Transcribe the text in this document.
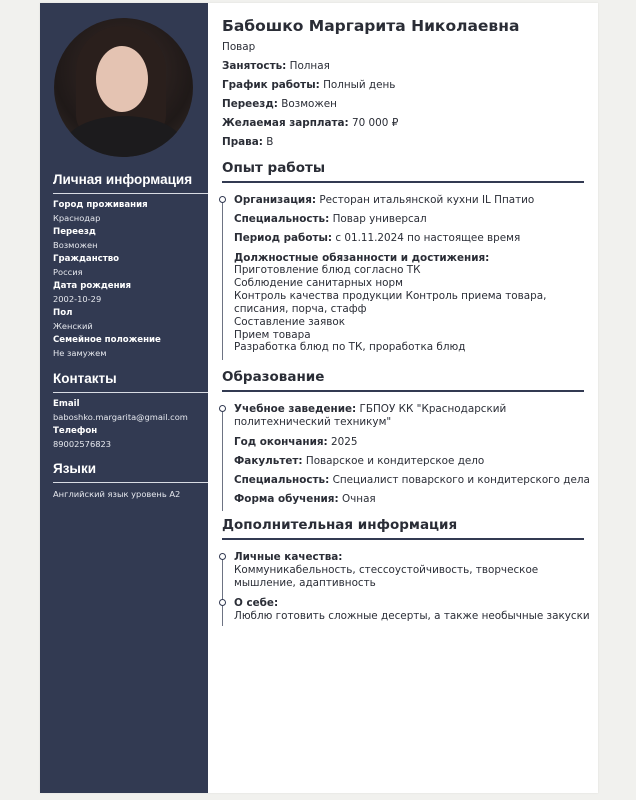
Личная информация
Город проживания
Краснодар
Переезд
Возможен
Гражданство
Россия
Дата рождения
2002-10-29
Пол
Женский
Семейное положение
Не замужем
Контакты
Email
baboshko.margarita@gmail.com
Телефон
89002576823
Языки
Английский язык уровень A2
Бабошко Маргарита Николаевна
Повар
Занятость: Полная
График работы: Полный день
Переезд: Возможен
Желаемая зарплата: 70 000 ₽
Права: B
Опыт работы
Организация: Ресторан итальянской кухни IL Ппатио
Специальность: Повар универсал
Период работы: с 01.11.2024 по настоящее время
Должностные обязанности и достижения:
Приготовление блюд согласно ТК
Соблюдение санитарных норм
Контроль качества продукции Контроль приема товара,
списания, порча, стафф
Составление заявок
Прием товара
Разработка блюд по ТК, проработка блюд
Образование
Учебное заведение: ГБПОУ КК "Краснодарский
политехнический техникум"
Год окончания: 2025
Факультет: Поварское и кондитерское дело
Специальность: Специалист поварского и кондитерского дела
Форма обучения: Очная
Дополнительная информация
Личные качества:
Коммуникабельность, стессоустойчивость, творческое
мышление, адаптивность
О себе:
Люблю готовить сложные десерты, а также необычные закуски
